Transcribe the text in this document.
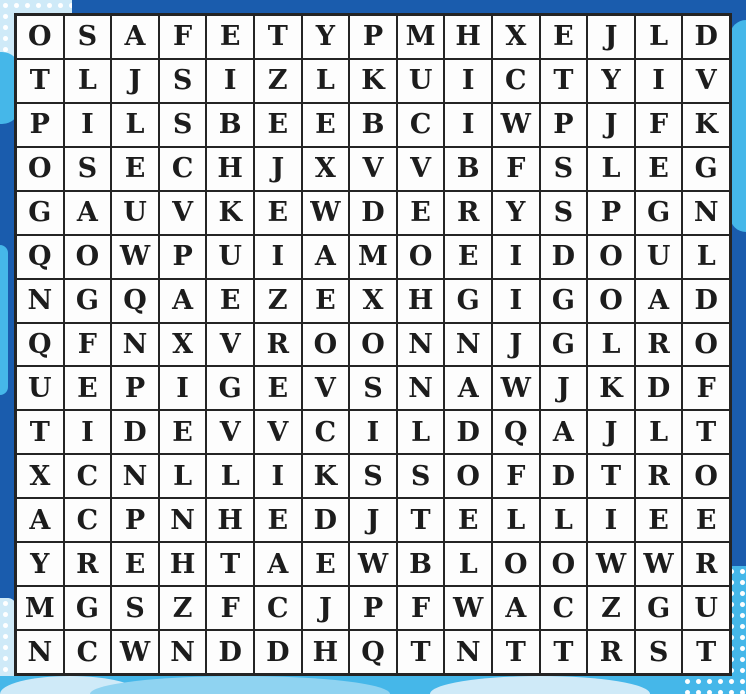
O S	A	F	E	T	Y	P M H X E	J	L D
T	L	J	S	I	Z	L K U	I	C T	Y	I	V
P	I	L	S B E	E B C	I W P	J	F K
O S	E C H	J	X V V B F	S	L	E G
G A U V K E W D E R Y	S	P G N
Q O W P U	I	A M O E	I	D O U L
N G Q A E	Z	E X H G	I	G O A D
Q F N X V R O O N N	J	G L R O
U E	P	I	G E V	S N A W J	K D F
T	I	D E V V C	I	L D Q A	J	L	T
X C N L	L	I	K S	S O F D T R O
A C P N H E D	J	T	E	L	L	I	E	E
Y R E H T	A E W B L O O W W R
M G S	Z	F	C	J	P	F W A C Z G U
N C W N D D H Q T N T	T R S	T
